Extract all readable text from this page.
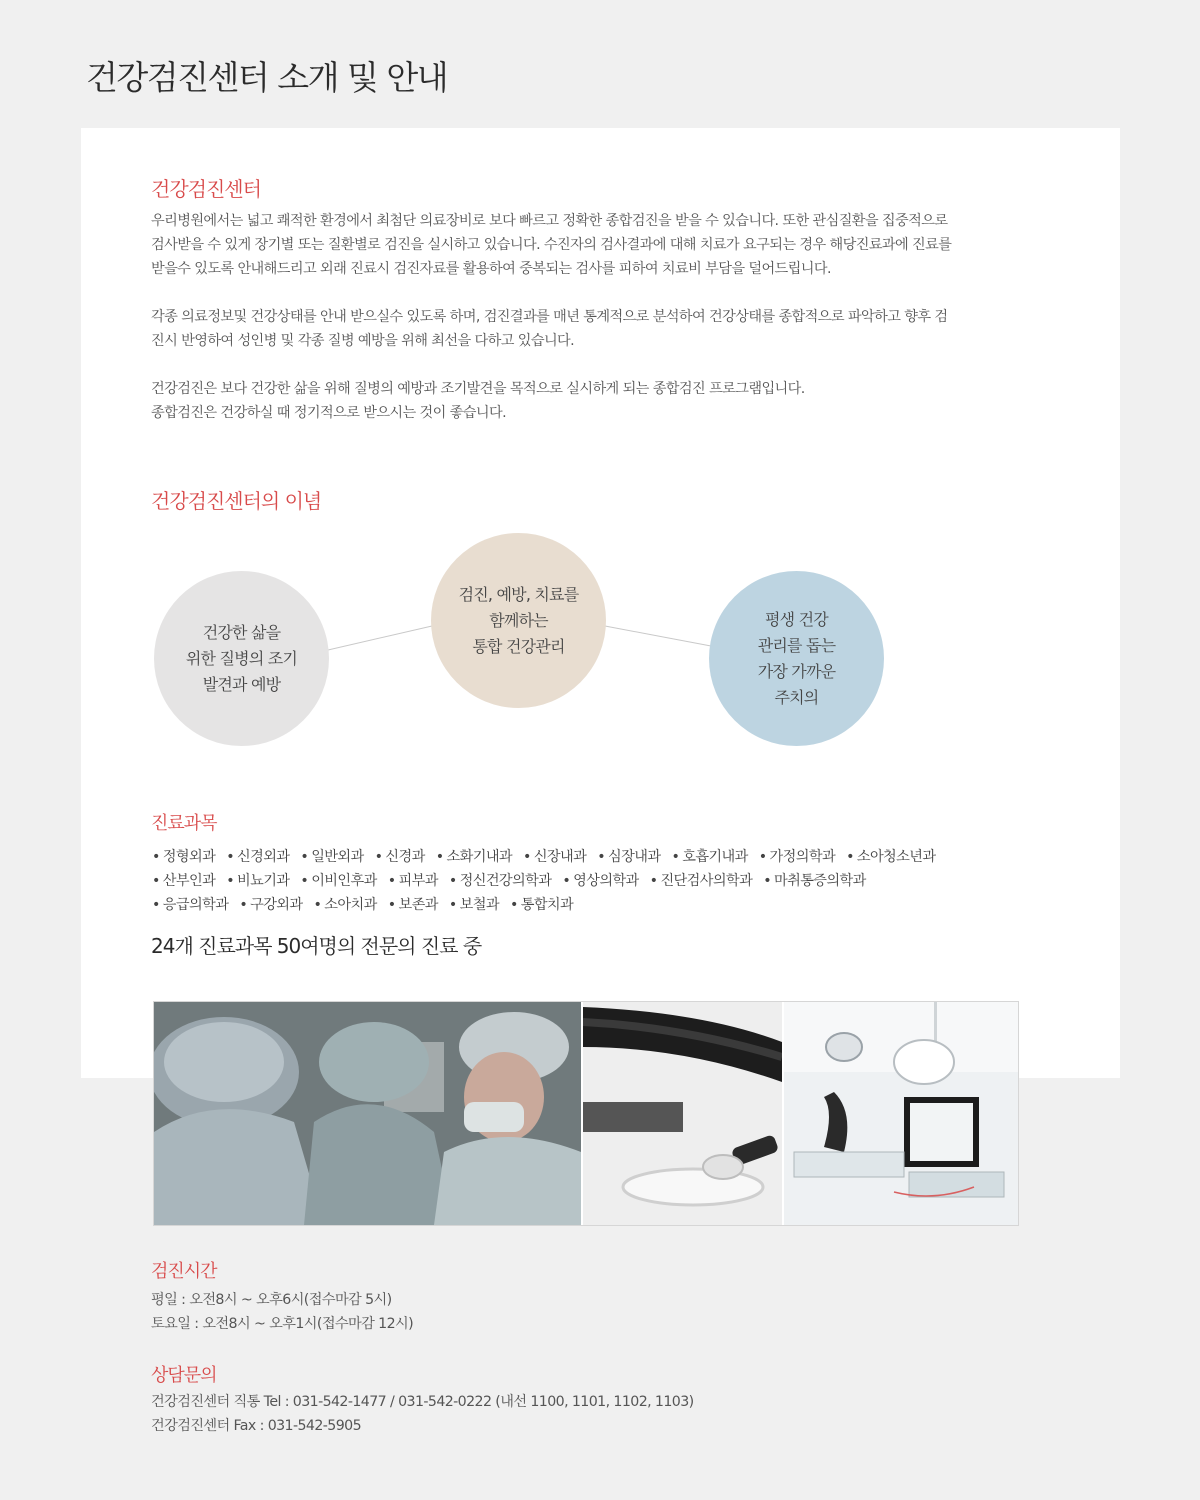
건강검진센터 소개 및 안내
건강검진센터

우리병원에서는 넓고 쾌적한 환경에서 최첨단 의료장비로 보다 빠르고 정확한 종합검진을 받을 수 있습니다. 또한 관심질환을 집중적으로

검사받을 수 있게 장기별 또는 질환별로 검진을 실시하고 있습니다. 수진자의 검사결과에 대해 치료가 요구되는 경우 해당진료과에 진료를

받을수 있도록 안내해드리고 외래 진료시 검진자료를 활용하여 중복되는 검사를 피하여 치료비 부담을 덜어드립니다.

각종 의료정보및 건강상태를 안내 받으실수 있도록 하며, 검진결과를 매년 통계적으로 분석하여 건강상태를 종합적으로 파악하고 향후 검

진시 반영하여 성인병 및 각종 질병 예방을 위해 최선을 다하고 있습니다.

건강검진은 보다 건강한 삶을 위해 질병의 예방과 조기발견을 목적으로 실시하게 되는 종합검진 프로그램입니다.

종합검진은 건강하실 때 정기적으로 받으시는 것이 좋습니다.

건강검진센터의 이념
건강한 삶을
위한 질병의 조기
발견과 예방
검진, 예방, 치료를
함께하는
통합 건강관리
평생 건강
관리를 돕는
가장 가까운
주치의
진료과목
• 정형외과 • 신경외과 • 일반외과 • 신경과 • 소화기내과 • 신장내과 • 심장내과 • 호흡기내과 • 가정의학과 • 소아청소년과
• 산부인과 • 비뇨기과 • 이비인후과 • 피부과 • 정신건강의학과 • 영상의학과 • 진단검사의학과 • 마취통증의학과
• 응급의학과 • 구강외과 • 소아치과 • 보존과 • 보철과 • 통합치과
24개 진료과목 50여명의 전문의 진료 중
검진시간

평일 : 오전8시 ~ 오후6시(접수마감 5시)

토요일 : 오전8시 ~ 오후1시(접수마감 12시)

상담문의

건강검진센터 직통 Tel : 031-542-1477 / 031-542-0222 (내선 1100, 1101, 1102, 1103)

건강검진센터 Fax : 031-542-5905
